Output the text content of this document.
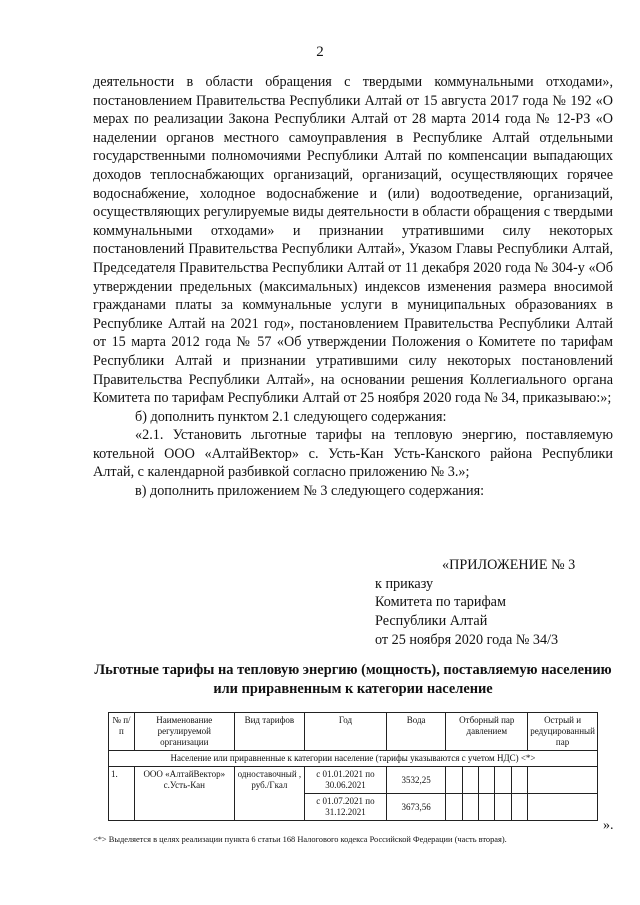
2

деятельности в области обращения с твердыми коммунальными отходами», постановлением Правительства Республики Алтай от 15 августа 2017 года № 192 «О мерах по реализации Закона Республики Алтай от 28 марта 2014 года № 12-РЗ «О наделении органов местного самоуправления в Республике Алтай отдельными государственными полномочиями Республики Алтай по компенсации выпадающих доходов теплоснабжающих организаций, организаций, осуществляющих горячее водоснабжение, холодное водоснабжение и (или) водоотведение, организаций, осуществляющих регулируемые виды деятельности в области обращения с твердыми коммунальными отходами» и признании утратившими силу некоторых постановлений Правительства Республики Алтай», Указом Главы Республики Алтай, Председателя Правительства Республики Алтай от 11 декабря 2020 года № 304-у «Об утверждении предельных (максимальных) индексов изменения размера вносимой гражданами платы за коммунальные услуги в муниципальных образованиях в Республике Алтай на 2021 год», постановлением Правительства Республики Алтай от 15 марта 2012 года № 57 «Об утверждении Положения о Комитете по тарифам Республики Алтай и признании утратившими силу некоторых постановлений Правительства Республики Алтай», на основании решения Коллегиального органа Комитета по тарифам Республики Алтай от 25 ноября 2020 года № 34, приказываю:»;

б) дополнить пунктом 2.1 следующего содержания:

«2.1. Установить льготные тарифы на тепловую энергию, поставляемую котельной ООО «АлтайВектор» с. Усть-Кан Усть-Канского района Республики Алтай, с календарной разбивкой согласно приложению № 3.»;

в) дополнить приложением № 3 следующего содержания:

«ПРИЛОЖЕНИЕ № 3
к приказу
Комитета по тарифам
Республики Алтай
от 25 ноября 2020 года № 34/3
Льготные тарифы на тепловую энергию (мощность), поставляемую населению или приравненным к категории население
№ п/п	Наименование регулируемой организации	Вид тарифов	Год	Вода	Отборный пар давлением					Острый и редуцированный пар
Население или приравненные к категории население (тарифы указываются с учетом НДС) <*>										
1.	ООО «АлтайВектор» с.Усть-Кан	одноставочный , руб./Гкал	с 01.01.2021 по 30.06.2021	3532,25						
			с 01.07.2021 по 31.12.2021	3673,56						
».
<*> Выделяется в целях реализации пункта 6 статьи 168 Налогового кодекса Российской Федерации (часть вторая).
